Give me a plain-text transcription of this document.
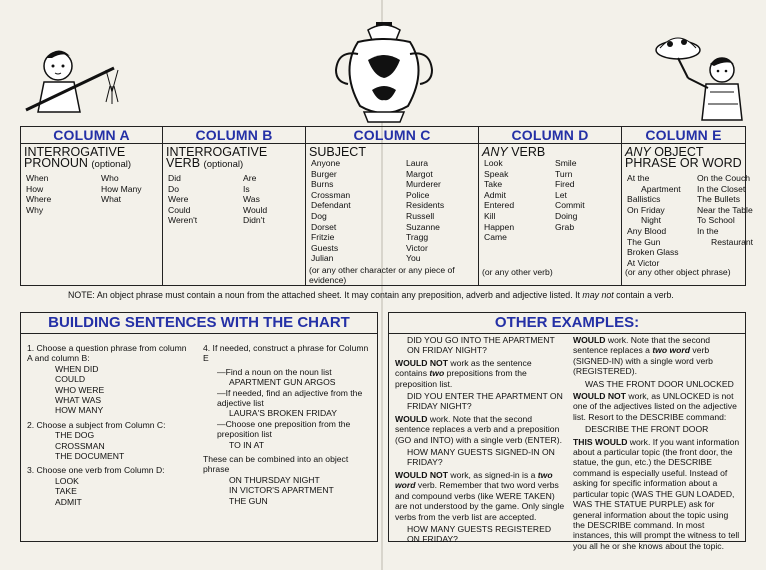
COLUMN A
INTERROGATIVE PRONOUN (optional)
When
How
Where
Why
Who
How Many
What
COLUMN B
INTERROGATIVE VERB (optional)
Did
Do
Were
Could
Weren't
Are
Is
Was
Would
Didn't
COLUMN C
SUBJECT
Anyone
Burger
Burns
Crossman
Defendant
Dog
Dorset
Fritzie
Guests
Julian
Laura
Margot
Murderer
Police
Residents
Russell
Suzanne
Tragg
Victor
You
(or any other character or any piece of evidence)
COLUMN D
ANY VERB
Look
Speak
Take
Admit
Entered
Kill
Happen
Came
Smile
Turn
Fired
Let
Commit
Doing
Grab
(or any other verb)
COLUMN E
ANY OBJECT PHRASE OR WORD
At the
Apartment
Ballistics
On Friday
Night
Any Blood
The Gun
Broken Glass
At Victor
On the Couch
In the Closet
The Bullets
Near the Table
To School
In the
Restaurant
(or any other object phrase)
NOTE: An object phrase must contain a noun from the attached sheet. It may contain any preposition, adverb and adjective listed. It may not contain a verb.
BUILDING SENTENCES WITH THE CHART
1. Choose a question phrase from column A and column B:
WHEN DID
COULD
WHO WERE
WHAT WAS
HOW MANY
2. Choose a subject from Column C:
THE DOG
CROSSMAN
THE DOCUMENT
3. Choose one verb from Column D:
LOOK
TAKE
ADMIT
4. If needed, construct a phrase for Column E
—Find a noun on the noun list
APARTMENT GUN ARGOS
—If needed, find an adjective from the adjective list
LAURA'S BROKEN FRIDAY
—Choose one preposition from the preposition list
TO IN AT
These can be combined into an object phrase
ON THURSDAY NIGHT
IN VICTOR'S APARTMENT
THE GUN
OTHER EXAMPLES:
DID YOU GO INTO THE APARTMENT ON FRIDAY NIGHT?
WOULD NOT work as the sentence contains two prepositions from the preposition list.
DID YOU ENTER THE APARTMENT ON FRIDAY NIGHT?
WOULD work. Note that the second sentence replaces a verb and a preposition (GO and INTO) with a single verb (ENTER).
HOW MANY GUESTS SIGNED-IN ON FRIDAY?
WOULD NOT work, as signed-in is a two word verb. Remember that two word verbs and compound verbs (like WERE TAKEN) are not understood by the game. Only single verbs from the verb list are accepted.
HOW MANY GUESTS REGISTERED ON FRIDAY?
WOULD work. Note that the second sentence replaces a two word verb (SIGNED-IN) with a single word verb (REGISTERED).
WAS THE FRONT DOOR UNLOCKED
WOULD NOT work, as UNLOCKED is not one of the adjectives listed on the adjective list. Resort to the DESCRIBE command:
DESCRIBE THE FRONT DOOR
THIS WOULD work. If you want information about a particular topic (the front door, the statue, the gun, etc.) the DESCRIBE command is especially useful. Instead of asking for specific information about a particular topic (WAS THE GUN LOADED, WAS THE STATUE PURPLE) ask for general information about the topic using the DESCRIBE command. In most instances, this will prompt the witness to tell you all he or she knows about the topic.
